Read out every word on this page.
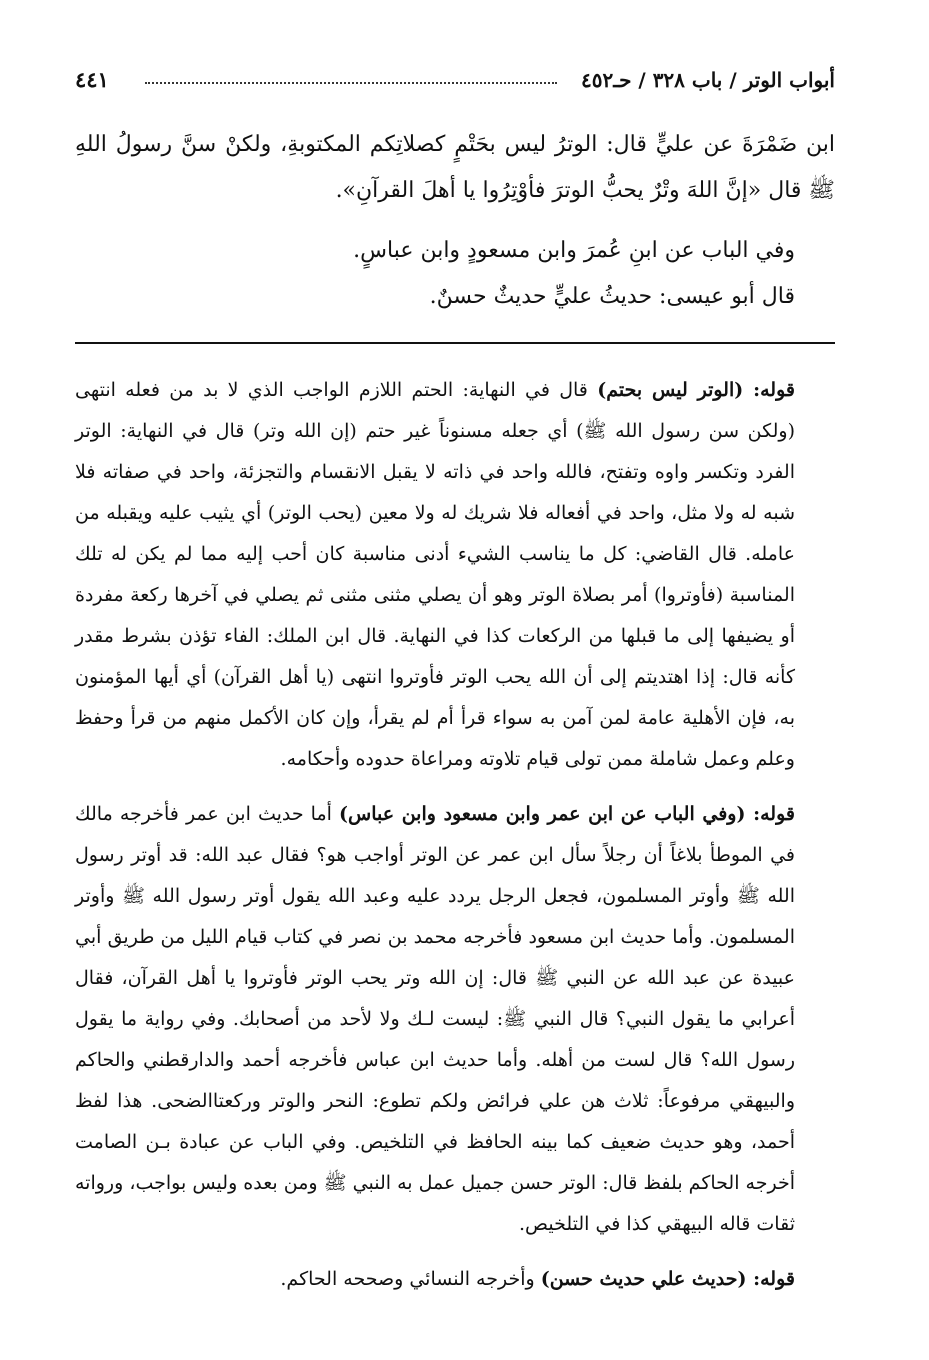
أبواب الوتر / باب ٣٢٨ / حـ٤٥٢
٤٤١

ابن ضَمْرَةَ عن عليٍّ قال: الوترُ ليس بحَتْمٍ كصلاتِكم المكتوبةِ، ولكنْ سنَّ رسولُ اللهِ ﷺ قال «إنَّ اللهَ وتْرٌ يحبُّ الوترَ فأوْتِرُوا يا أهلَ القرآنِ».

وفي الباب عن ابنِ عُمرَ وابن مسعودٍ وابن عباسٍ.

قال أبو عيسى: حديثُ عليٍّ حديثٌ حسنٌ.

قوله: (الوتر ليس بحتم) قال في النهاية: الحتم اللازم الواجب الذي لا بد من فعله انتهى (ولكن سن رسول الله ﷺ) أي جعله مسنوناً غير حتم (إن الله وتر) قال في النهاية: الوتر الفرد وتكسر واوه وتفتح، فالله واحد في ذاته لا يقبل الانقسام والتجزئة، واحد في صفاته فلا شبه له ولا مثل، واحد في أفعاله فلا شريك له ولا معين (يحب الوتر) أي يثيب عليه ويقبله من عامله. قال القاضي: كل ما يناسب الشيء أدنى مناسبة كان أحب إليه مما لم يكن له تلك المناسبة (فأوتروا) أمر بصلاة الوتر وهو أن يصلي مثنى مثنى ثم يصلي في آخرها ركعة مفردة أو يضيفها إلى ما قبلها من الركعات كذا في النهاية. قال ابن الملك: الفاء تؤذن بشرط مقدر كأنه قال: إذا اهتديتم إلى أن الله يحب الوتر فأوتروا انتهى (يا أهل القرآن) أي أيها المؤمنون به، فإن الأهلية عامة لمن آمن به سواء قرأ أم لم يقرأ، وإن كان الأكمل منهم من قرأ وحفظ وعلم وعمل شاملة ممن تولى قيام تلاوته ومراعاة حدوده وأحكامه.

قوله: (وفي الباب عن ابن عمر وابن مسعود وابن عباس) أما حديث ابن عمر فأخرجه مالك في الموطأ بلاغاً أن رجلاً سأل ابن عمر عن الوتر أواجب هو؟ فقال عبد الله: قد أوتر رسول الله ﷺ وأوتر المسلمون، فجعل الرجل يردد عليه وعبد الله يقول أوتر رسول الله ﷺ وأوتر المسلمون. وأما حديث ابن مسعود فأخرجه محمد بن نصر في كتاب قيام الليل من طريق أبي عبيدة عن عبد الله عن النبي ﷺ قال: إن الله وتر يحب الوتر فأوتروا يا أهل القرآن، فقال أعرابي ما يقول النبي؟ قال النبي ﷺ: ليست لـك ولا لأحد من أصحابك. وفي رواية ما يقول رسول الله؟ قال لست من أهله. وأما حديث ابن عباس فأخرجه أحمد والدارقطني والحاكم والبيهقي مرفوعاً: ثلاث هن علي فرائض ولكم تطوع: النحر والوتر وركعتاالضحى. هذا لفظ أحمد، وهو حديث ضعيف كما بينه الحافظ في التلخيص. وفي الباب عن عبادة بـن الصامت أخرجه الحاكم بلفظ قال: الوتر حسن جميل عمل به النبي ﷺ ومن بعده وليس بواجب، ورواته ثقات قاله البيهقي كذا في التلخيص.

قوله: (حديث علي حديث حسن) وأخرجه النسائي وصححه الحاكم.
